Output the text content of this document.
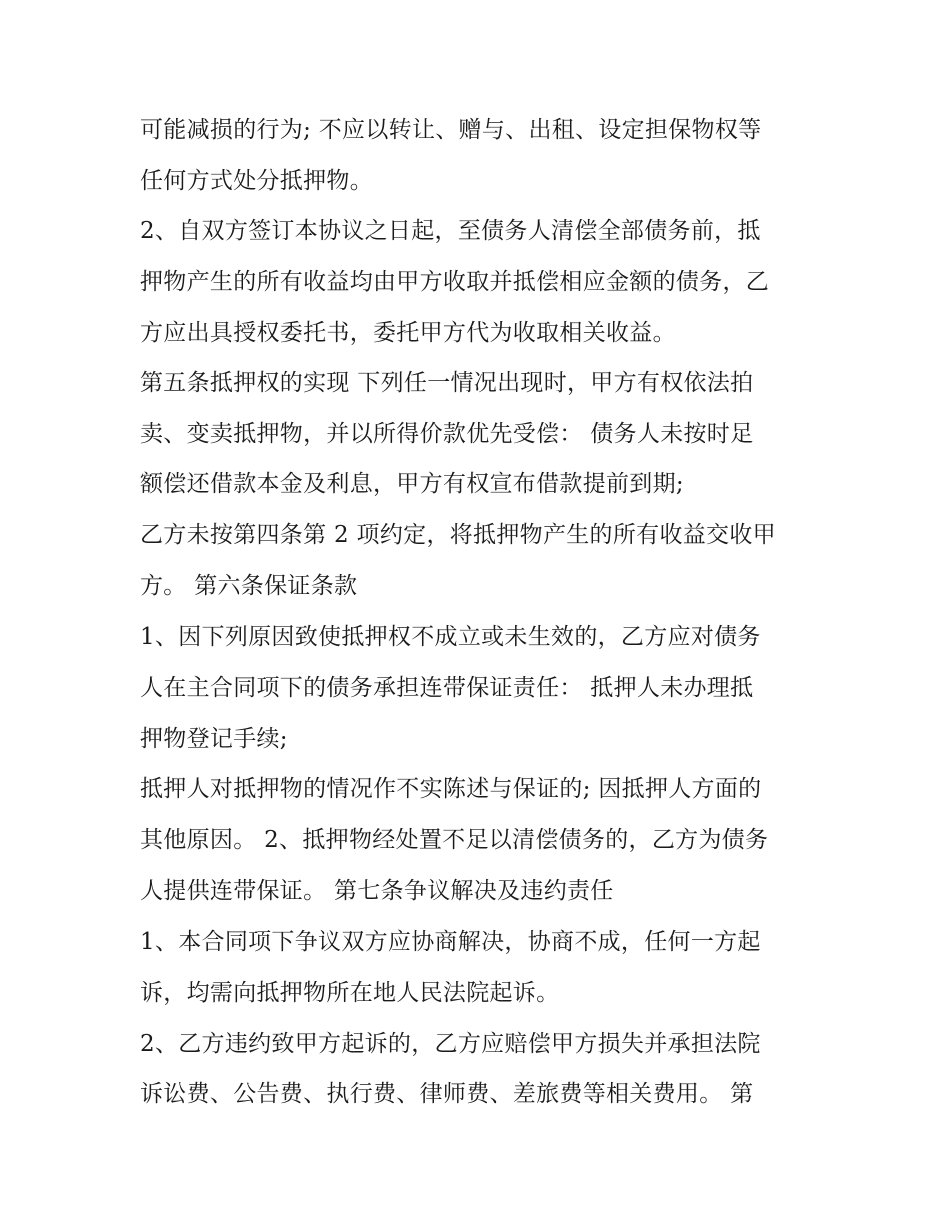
可能减损的行为; 不应以转让、赠与、出租、设定担保物权等
任何方式处分抵押物。
2、自双方签订本协议之日起，至债务人清偿全部债务前，抵
押物产生的所有收益均由甲方收取并抵偿相应金额的债务，乙
方应出具授权委托书，委托甲方代为收取相关收益。
第五条抵押权的实现 下列任一情况出现时，甲方有权依法拍
卖、变卖抵押物，并以所得价款优先受偿： 债务人未按时足
额偿还借款本金及利息，甲方有权宣布借款提前到期;
乙方未按第四条第 2 项约定，将抵押物产生的所有收益交收甲
方。 第六条保证条款
1、因下列原因致使抵押权不成立或未生效的，乙方应对债务
人在主合同项下的债务承担连带保证责任： 抵押人未办理抵
押物登记手续;
抵押人对抵押物的情况作不实陈述与保证的; 因抵押人方面的
其他原因。 2、抵押物经处置不足以清偿债务的，乙方为债务
人提供连带保证。 第七条争议解决及违约责任
1、本合同项下争议双方应协商解决，协商不成，任何一方起
诉，均需向抵押物所在地人民法院起诉。
2、乙方违约致甲方起诉的，乙方应赔偿甲方损失并承担法院
诉讼费、公告费、执行费、律师费、差旅费等相关费用。 第
